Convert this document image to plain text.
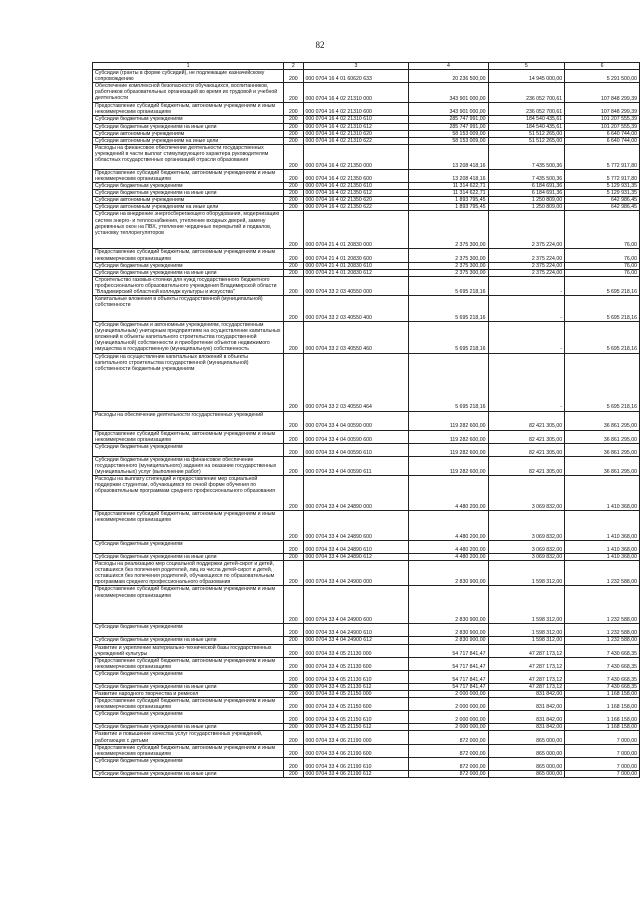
82
1	2	3	4	5	6
Субсидии (гранты в форме субсидий), не подлежащие казначейскому сопровождению	200	000 0704 16 4 01 60620 633	20 236 500,00	14 945 000,00	5 291 500,00
Обеспечение комплексной безопасности обучающихся, воспитанников, работников образовательных организаций во время их трудовой и учебной деятельности	200	000 0704 16 4 02 21310 000	343 901 000,00	236 052 700,61	107 848 299,39
Предоставление субсидий бюджетным, автономным учреждениям и иным некоммерческим организациям	200	000 0704 16 4 02 21310 600	343 901 000,00	236 052 700,61	107 848 299,39
Субсидии бюджетным учреждениям	200	000 0704 16 4 02 21310 610	285 747 991,00	184 540 435,61	101 207 555,39
Субсидии бюджетным учреждениям на иные цели	200	000 0704 16 4 02 21310 612	285 747 991,00	184 540 435,61	101 207 555,39
Субсидии автономным учреждениям	200	000 0704 16 4 02 21310 620	58 153 009,00	51 512 265,00	6 640 744,00
Субсидии автономным учреждениям на иные цели	200	000 0704 16 4 02 21310 622	58 153 009,00	51 512 265,00	6 640 744,00
Расходы на финансовое обеспечение деятельности государственных учреждений в части выплат стимулирующего характера руководителям областных государственных организаций отрасли образования	200	000 0704 16 4 02 21350 000	13 208 418,16	7 435 500,36	5 772 917,80
Предоставление субсидий бюджетным, автономным учреждениям и иным некоммерческим организациям	200	000 0704 16 4 02 21350 600	13 208 418,16	7 435 500,36	5 772 917,80
Субсидии бюджетным учреждениям	200	000 0704 16 4 02 21350 610	11 314 622,71	6 184 691,36	5 129 931,35
Субсидии бюджетным учреждениям на иные цели	200	000 0704 16 4 02 21350 612	11 314 622,71	6 184 691,36	5 129 931,35
Субсидии автономным учреждениям	200	000 0704 16 4 02 21350 620	1 893 795,45	1 250 809,00	642 986,45
Субсидии автономным учреждениям на иные цели	200	000 0704 16 4 02 21350 622	1 893 795,45	1 250 809,00	642 986,45
Субсидии на внедрение энергосберегающего оборудования, модернизацию систем энерго- и теплоснабжения, утепление входных дверей, замену деревянных окон на ПВХ, утепление чердачных перекрытий и подвалов, установку теплорегуляторов	200	000 0704 21 4 01 20830 000	2 375 300,00	2 375 224,00	76,00
Предоставление субсидий бюджетным, автономным учреждениям и иным некоммерческим организациям	200	000 0704 21 4 01 20830 600	2 375 300,00	2 375 224,00	76,00
Субсидии бюджетным учреждениям	200	000 0704 21 4 01 20830 610	2 375 300,00	2 375 224,00	76,00
Субсидии бюджетным учреждениям на иные цели	200	000 0704 21 4 01 20830 612	2 375 300,00	2 375 224,00	76,00
Строительство газовых-стоянки для нужд государственного бюджетного профессионального образовательного учреждения Владимирской области "Владимирский областной колледж культуры и искусства"	200	000 0704 33 2 03 40550 000	5 695 218,16	-	5 695 218,16
Капитальные вложения в объекты государственной (муниципальной) собственности	200	000 0704 33 2 03 40550 400	5 695 218,16	-	5 695 218,16
Субсидии бюджетным и автономным учреждениям, государственным (муниципальным) унитарным предприятиям на осуществление капитальных вложений в объекты капитального строительства государственной (муниципальной) собственности и приобретение объектов недвижимого имущества в государственную (муниципальную) собственность	200	000 0704 33 2 03 40550 460	5 695 218,16	-	5 695 218,16
Субсидии на осуществление капитальных вложений в объекты капитального строительства государственной (муниципальной) собственности бюджетным учреждениям	200	000 0704 33 2 03 40550 464	5 695 218,16	-	5 695 218,16
Расходы на обеспечение деятельности государственных учреждений	200	000 0704 33 4 04 00590 000	119 282 600,00	82 421 305,00	36 861 295,00
Предоставление субсидий бюджетным, автономным учреждениям и иным некоммерческим организациям	200	000 0704 33 4 04 00590 600	119 282 600,00	82 421 305,00	36 861 295,00
Субсидии бюджетным учреждениям	200	000 0704 33 4 04 00590 610	119 282 600,00	82 421 305,00	36 861 295,00
Субсидии бюджетным учреждениям на финансовое обеспечение государственного (муниципального) задания на оказание государственных (муниципальных) услуг (выполнение работ)	200	000 0704 33 4 04 00590 611	119 282 600,00	82 421 305,00	36 861 295,00
Расходы на выплату стипендий и предоставление мер социальной поддержки студентам, обучающимся по очной форме обучения по образовательным программам среднего профессионального образования	200	000 0704 33 4 04 24890 000	4 480 200,00	3 069 832,00	1 410 368,00
Предоставление субсидий бюджетным, автономным учреждениям и иным некоммерческим организациям	200	000 0704 33 4 04 24890 600	4 480 200,00	3 069 832,00	1 410 368,00
Субсидии бюджетным учреждениям	200	000 0704 33 4 04 24890 610	4 480 200,00	3 069 832,00	1 410 368,00
Субсидии бюджетным учреждениям на иные цели	200	000 0704 33 4 04 24890 612	4 480 200,00	3 069 832,00	1 410 368,00
Расходы на реализацию мер социальной поддержки детей-сирот и детей, оставшихся без попечения родителей, лиц из числа детей-сирот и детей, оставшихся без попечения родителей, обучающихся по образовательным программам среднего профессионального образования	200	000 0704 33 4 04 24900 000	2 830 900,00	1 598 312,00	1 232 588,00
Предоставление субсидий бюджетным, автономным учреждениям и иным некоммерческим организациям	200	000 0704 33 4 04 24900 600	2 830 900,00	1 598 312,00	1 232 588,00
Субсидии бюджетным учреждениям	200	000 0704 33 4 04 24900 610	2 830 900,00	1 598 312,00	1 232 588,00
Субсидии бюджетным учреждениям на иные цели	200	000 0704 33 4 04 24900 612	2 830 900,00	1 598 312,00	1 232 588,00
Развитие и укрепление материально-технической базы государственных учреждений культуры	200	000 0704 33 4 05 21130 000	54 717 841,47	47 287 173,12	7 430 668,35
Предоставление субсидий бюджетным, автономным учреждениям и иным некоммерческим организациям	200	000 0704 33 4 05 21130 600	54 717 841,47	47 287 173,12	7 430 668,35
Субсидии бюджетным учреждениям	200	000 0704 33 4 05 21130 610	54 717 841,47	47 287 173,12	7 430 668,35
Субсидии бюджетным учреждениям на иные цели	200	000 0704 33 4 05 21130 612	54 717 841,47	47 287 173,12	7 430 668,35
Развитие народного творчества и ремесел	200	000 0704 33 4 05 21150 000	2 000 000,00	831 842,00	1 168 158,00
Предоставление субсидий бюджетным, автономным учреждениям и иным некоммерческим организациям	200	000 0704 33 4 05 21150 600	2 000 000,00	831 842,00	1 168 158,00
Субсидии бюджетным учреждениям	200	000 0704 33 4 05 21150 610	2 000 000,00	831 842,00	1 168 158,00
Субсидии бюджетным учреждениям на иные цели	200	000 0704 33 4 05 21150 612	2 000 000,00	831 842,00	1 168 158,00
Развитие и повышение качества услуг государственных учреждений, работающих с детьми	200	000 0704 33 4 06 21190 000	872 000,00	865 000,00	7 000,00
Предоставление субсидий бюджетным, автономным учреждениям и иным некоммерческим организациям	200	000 0704 33 4 06 21190 600	872 000,00	865 000,00	7 000,00
Субсидии бюджетным учреждениям	200	000 0704 33 4 06 21190 610	872 000,00	865 000,00	7 000,00
Субсидии бюджетным учреждениям на иные цели	200	000 0704 33 4 06 21190 612	872 000,00	865 000,00	7 000,00
